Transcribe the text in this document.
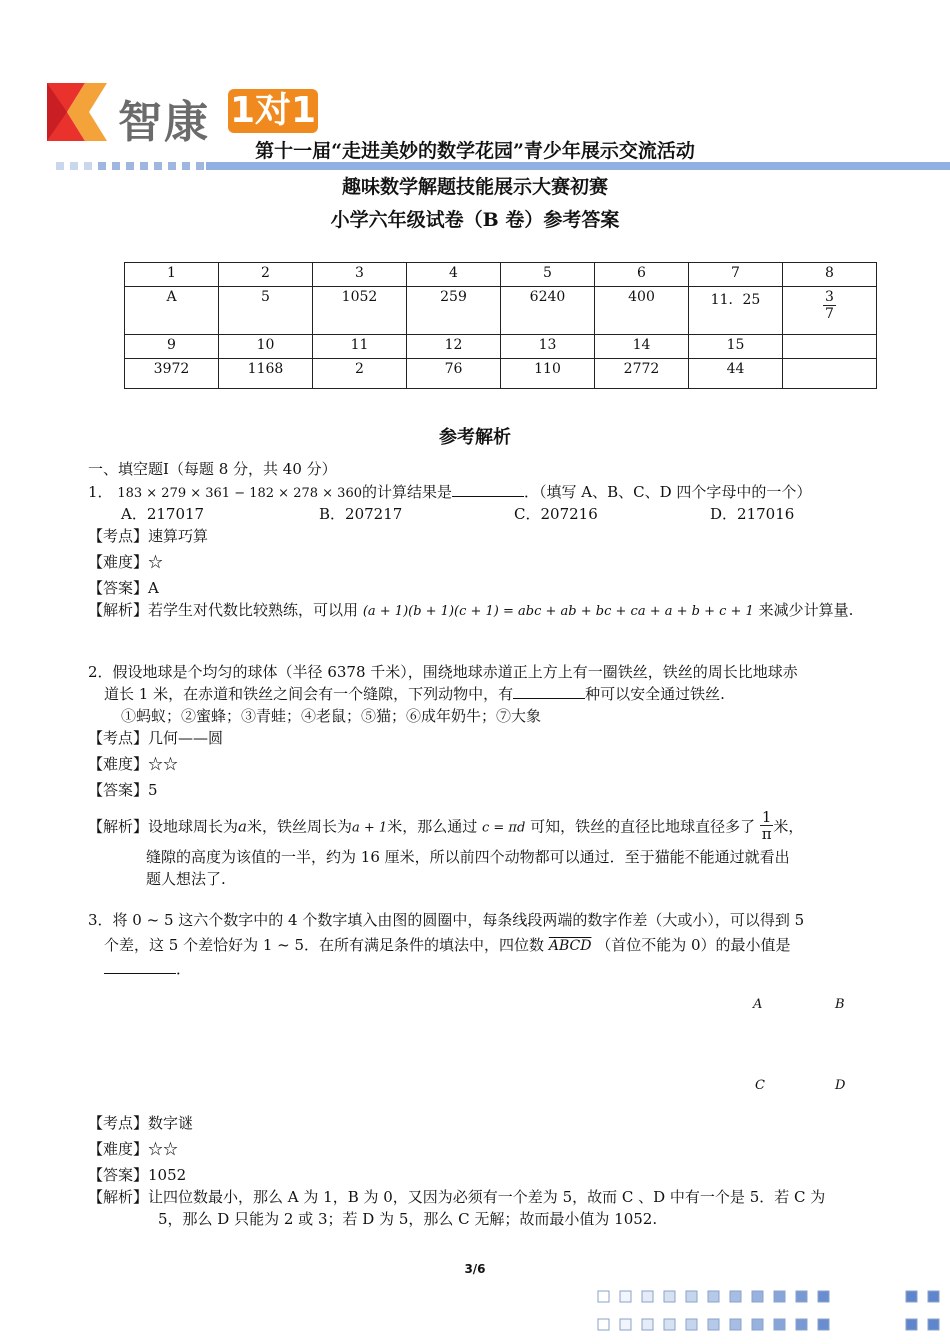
智康 1对1
第十一届“走进美妙的数学花园”青少年展示交流活动
趣味数学解题技能展示大赛初赛
小学六年级试卷（B 卷）参考答案
1	2	3	4	5	6	7	8
A	5	1052	259	6240	400	11．25	$\frac{3}{7}$

9	10	11	12	13	14	15	
3972	1168	2	76	110	2772	44	
参考解析
一、填空题Ⅰ（每题 8 分，共 40 分）
1． 183 × 279 × 361 − 182 × 278 × 360的计算结果是	．（填写 A、B、C、D 四个字母中的一个）
A．217017	B．207217	C．207216	D．217016
【考点】速算巧算
【难度】☆
【答案】A
【解析】若学生对代数比较熟练，可以用 (a + 1)(b + 1)(c + 1) = abc + ab + bc + ca + a + b + c + 1 来减少计算量.
2．假设地球是个均匀的球体（半径 6378 千米），围绕地球赤道正上方上有一圈铁丝，铁丝的周长比地球赤
道长 1 米，在赤道和铁丝之间会有一个缝隙，下列动物中，有	种可以安全通过铁丝.
①蚂蚁；②蜜蜂；③青蛙；④老鼠；⑤猫；⑥成年奶牛；⑦大象
【考点】几何——圆
【难度】☆☆
【答案】5
【解析】设地球周长为a米，铁丝周长为a + 1米，那么通过 c = πd 可知，铁丝的直径比地球直径多了 $\frac{1}{\pi}$ 米，
缝隙的高度为该值的一半，约为 16 厘米，所以前四个动物都可以通过．至于猫能不能通过就看出
题人想法了.
3．将 0 ~ 5 这六个数字中的 4 个数字填入由图的圆圈中，每条线段两端的数字作差（大或小），可以得到 5
个差，这 5 个差恰好为 1 ~ 5．在所有满足条件的填法中，四位数 ABCD （首位不能为 0）的最小值是
．
A	B
C	D
【考点】数字谜
【难度】☆☆
【答案】1052
【解析】让四位数最小，那么 A 为 1，B 为 0，又因为必须有一个差为 5，故而 C 、D 中有一个是 5．若 C 为
5，那么 D 只能为 2 或 3；若 D 为 5，那么 C 无解；故而最小值为 1052.
3/6
